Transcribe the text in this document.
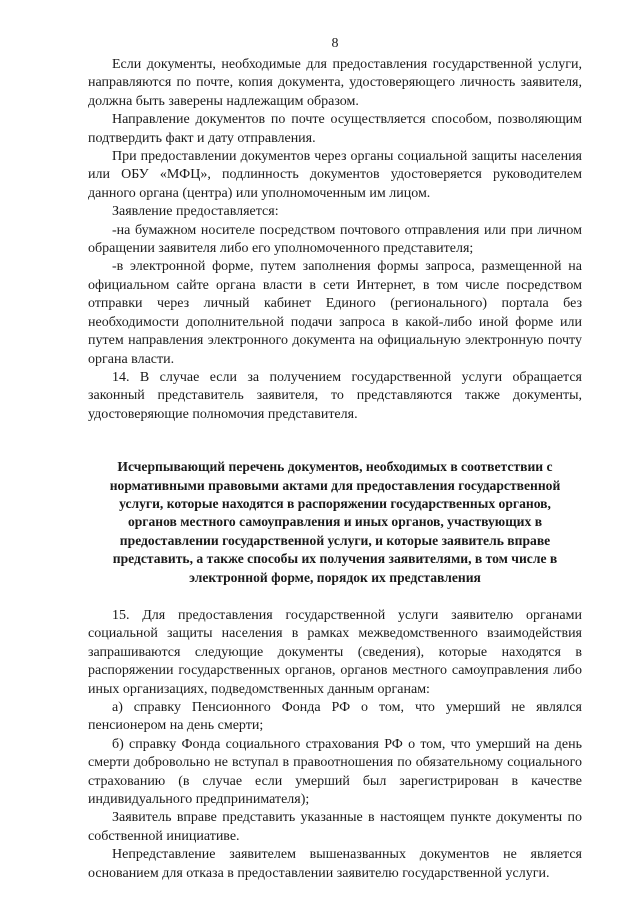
8

Если документы, необходимые для предоставления государственной услуги, направляются по почте, копия документа, удостоверяющего личность заявителя, должна быть заверены надлежащим образом.

Направление документов по почте осуществляется способом, позволяющим подтвердить факт и дату отправления.

При предоставлении документов через органы социальной защиты населения или ОБУ «МФЦ», подлинность документов удостоверяется руководителем данного органа (центра) или уполномоченным им лицом.

Заявление предоставляется:

-на бумажном носителе посредством почтового отправления или при личном обращении заявителя либо его уполномоченного представителя;

-в электронной форме, путем заполнения формы запроса, размещенной на официальном сайте органа власти в сети Интернет, в том числе посредством отправки через личный кабинет Единого (регионального) портала без необходимости дополнительной подачи запроса в какой-либо иной форме или путем направления электронного документа на официальную электронную почту органа власти.

14. В случае если за получением государственной услуги обращается законный представитель заявителя, то представляются также документы, удостоверяющие полномочия представителя.

Исчерпывающий перечень документов, необходимых в соответствии с нормативными правовыми актами для предоставления государственной услуги, которые находятся в распоряжении государственных органов, органов местного самоуправления и иных органов, участвующих в предоставлении государственной услуги, и которые заявитель вправе представить, а также способы их получения заявителями, в том числе в электронной форме, порядок их представления

15. Для предоставления государственной услуги заявителю органами социальной защиты населения в рамках межведомственного взаимодействия запрашиваются следующие документы (сведения), которые находятся в распоряжении государственных органов, органов местного самоуправления либо иных организациях, подведомственных данным органам:

а) справку Пенсионного Фонда РФ о том, что умерший не являлся пенсионером на день смерти;

б) справку Фонда социального страхования РФ о том, что умерший на день смерти добровольно не вступал в правоотношения по обязательному социального страхованию (в случае если умерший был зарегистрирован в качестве индивидуального предпринимателя);

Заявитель вправе представить указанные в настоящем пункте документы по собственной инициативе.

Непредставление заявителем вышеназванных документов не является основанием для отказа в предоставлении заявителю государственной услуги.
